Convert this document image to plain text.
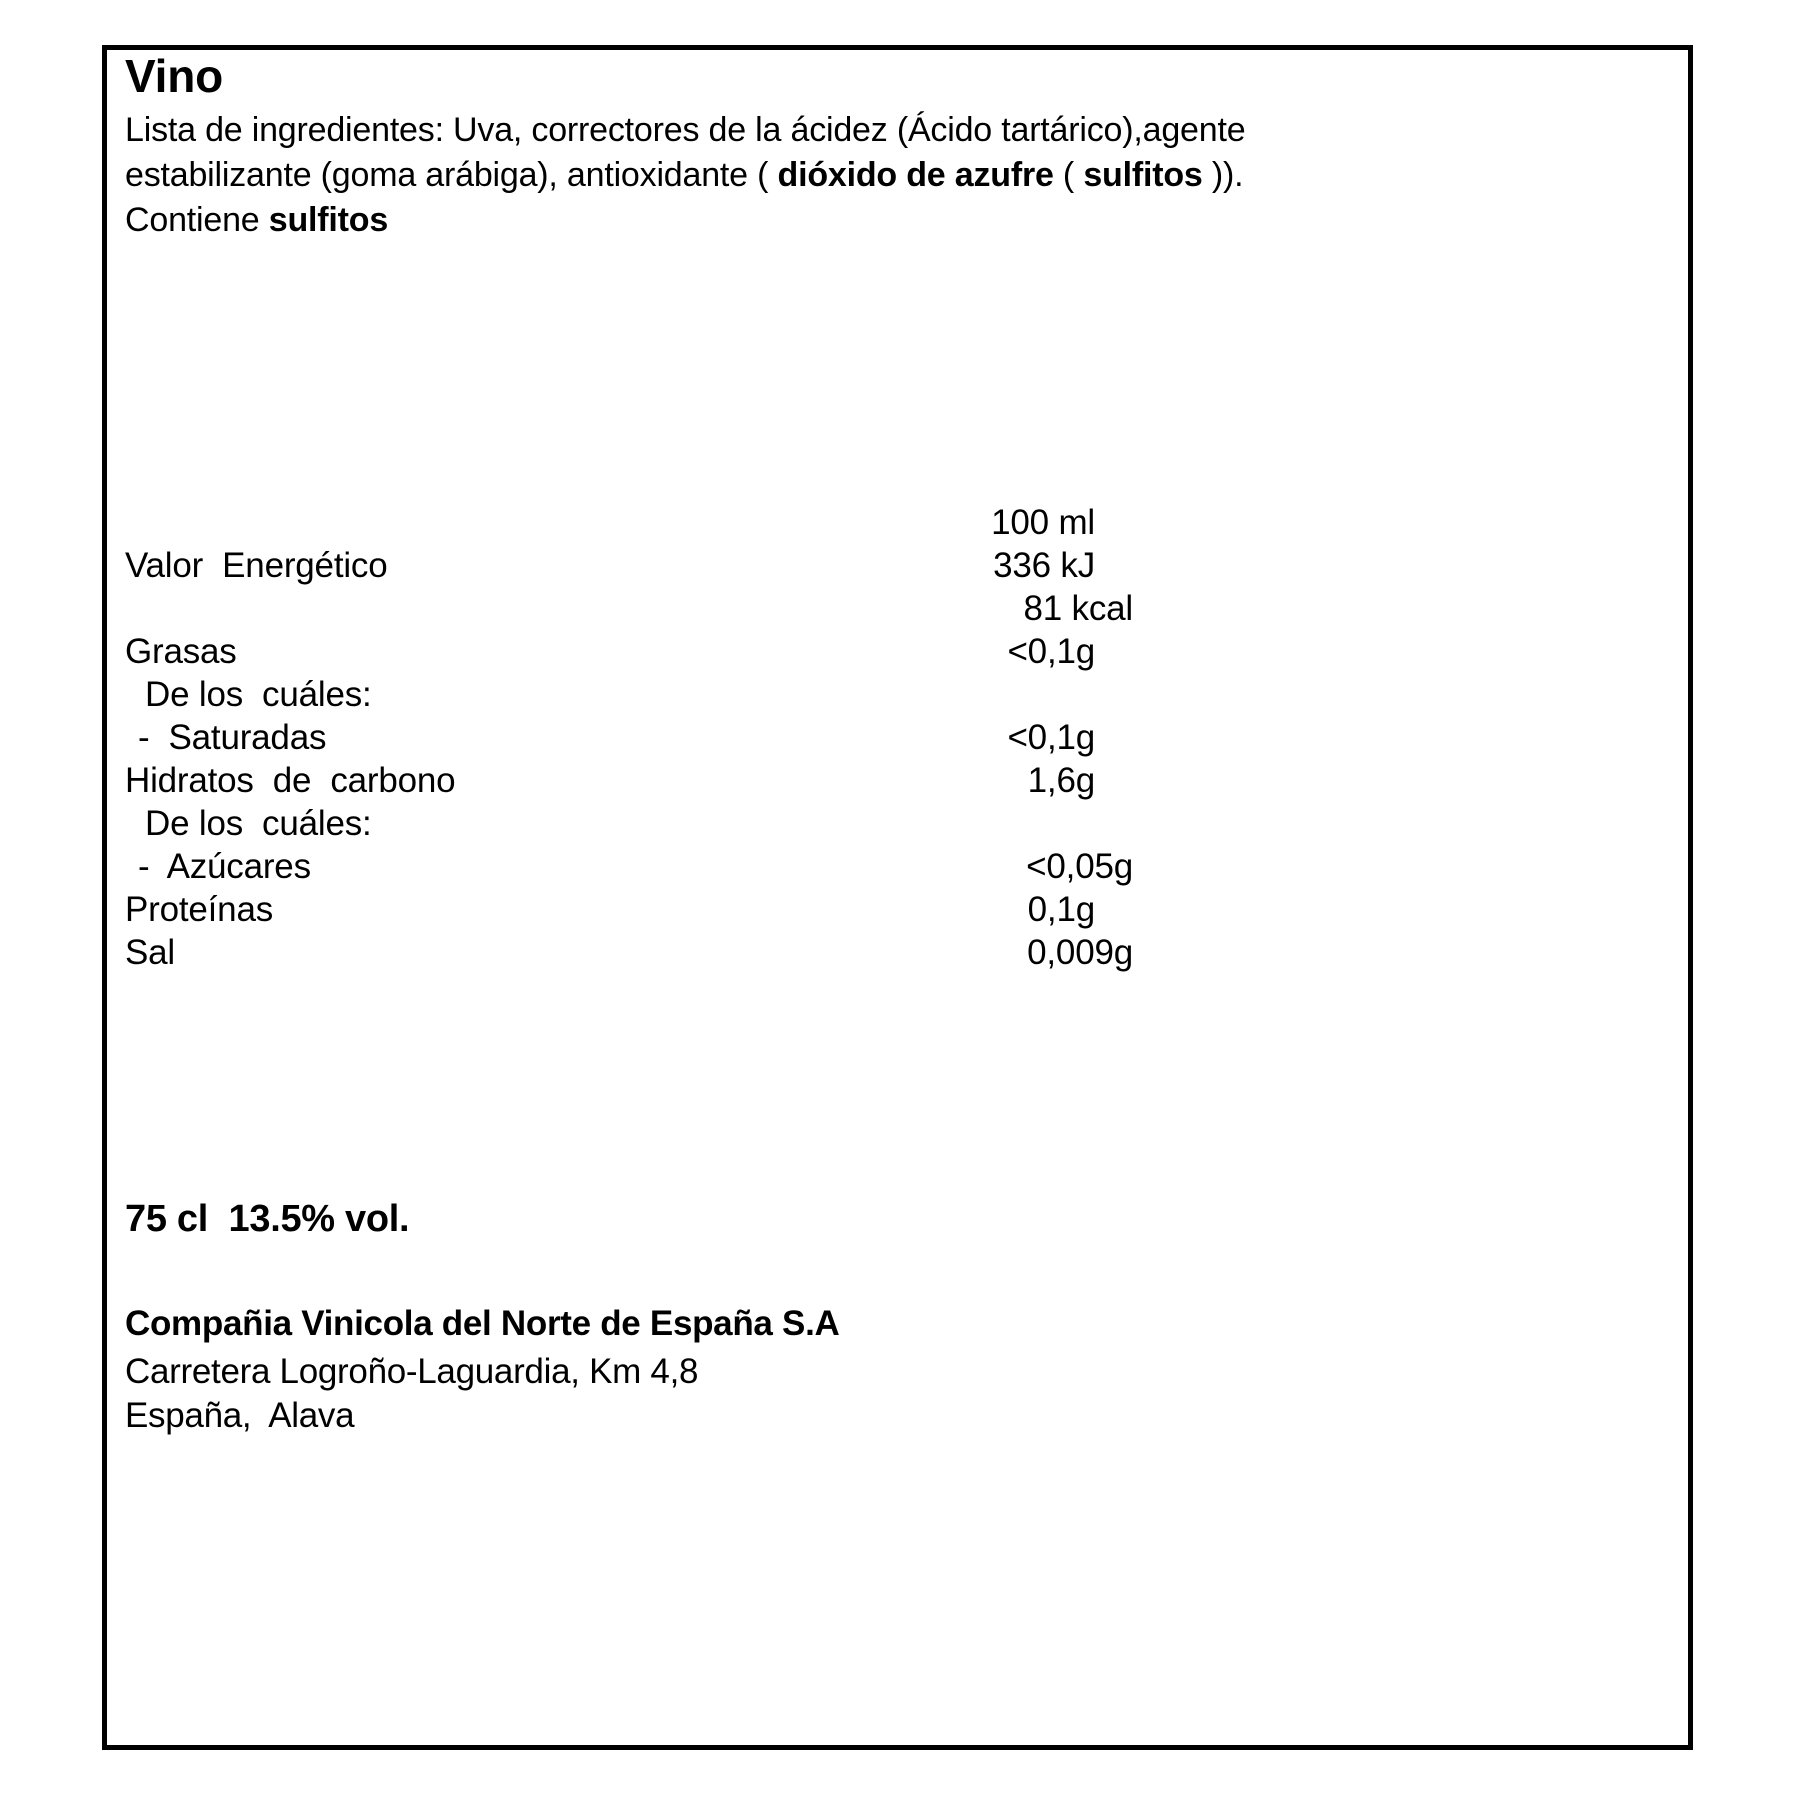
Vino
Lista de ingredientes: Uva, correctores de la ácidez (Ácido tartárico),agente estabilizante (goma arábiga), antioxidante ( dióxido de azufre ( sulfitos )).
Contiene sulfitos
100 ml
Valor  Energético	336 kJ
81 kcal
Grasas	<0,1g
De los  cuáles:
-  Saturadas	<0,1g
Hidratos  de  carbono	1,6g
De los  cuáles:
-  Azúcares	<0,05g
Proteínas	0,1g
Sal	0,009g
75 cl  13.5% vol.
Compañia Vinicola del Norte de España S.A
Carretera Logroño-Laguardia, Km 4,8
España,  Alava
